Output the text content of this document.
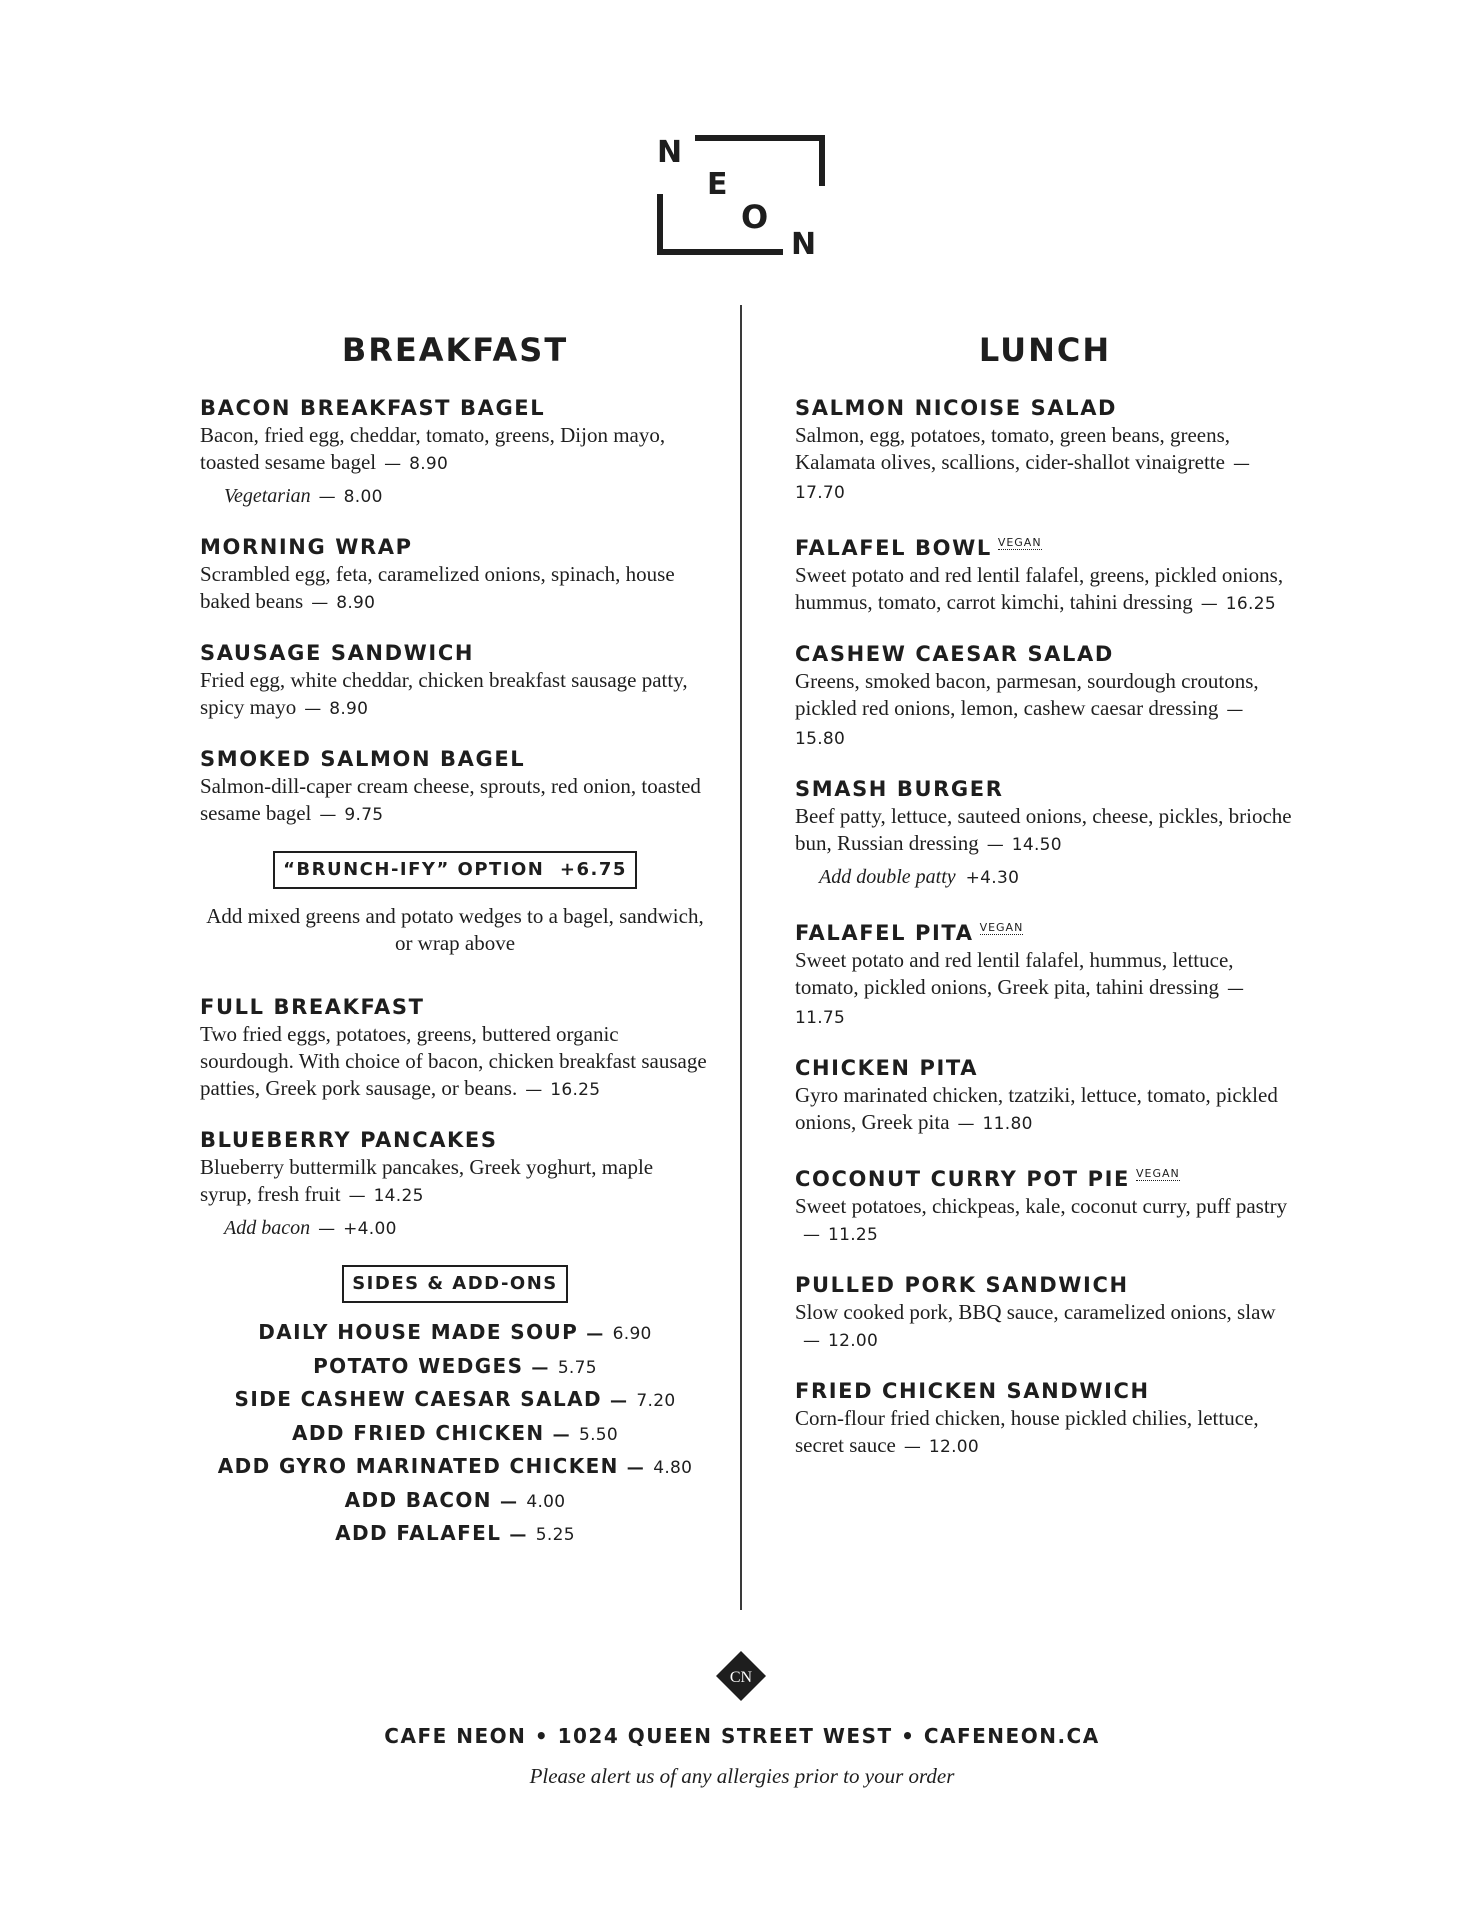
N
E
O
N
BREAKFAST

BACON BREAKFAST BAGEL

Bacon, fried egg, cheddar, tomato, greens, Dijon mayo, toasted sesame bagel — 8.90

Vegetarian — 8.00

MORNING WRAP

Scrambled egg, feta, caramelized onions, spinach, house baked beans — 8.90

SAUSAGE SANDWICH

Fried egg, white cheddar, chicken breakfast sausage patty, spicy mayo — 8.90

SMOKED SALMON BAGEL

Salmon-dill-caper cream cheese, sprouts, red onion, toasted sesame bagel — 9.75

“BRUNCH-IFY” OPTION +6.75
Add mixed greens and potato wedges to a bagel, sandwich, or wrap above

FULL BREAKFAST

Two fried eggs, potatoes, greens, buttered organic sourdough. With choice of bacon, chicken breakfast sausage patties, Greek pork sausage, or beans. — 16.25

BLUEBERRY PANCAKES

Blueberry buttermilk pancakes, Greek yoghurt, maple syrup, fresh fruit — 14.25

Add bacon — +4.00

SIDES & ADD-ONS
DAILY HOUSE MADE SOUP — 6.90
POTATO WEDGES — 5.75
SIDE CASHEW CAESAR SALAD — 7.20
ADD FRIED CHICKEN — 5.50
ADD GYRO MARINATED CHICKEN — 4.80
ADD BACON — 4.00
ADD FALAFEL — 5.25
LUNCH

SALMON NICOISE SALAD

Salmon, egg, potatoes, tomato, green beans, greens, Kalamata olives, scallions, cider-shallot vinaigrette —17.70

FALAFEL BOWL $^{VEGAN}$

Sweet potato and red lentil falafel, greens, pickled onions, hummus, tomato, carrot kimchi, tahini dressing — 16.25

CASHEW CAESAR SALAD

Greens, smoked bacon, parmesan, sourdough croutons, pickled red onions, lemon, cashew caesar dressing —15.80

SMASH BURGER

Beef patty, lettuce, sauteed onions, cheese, pickles, brioche bun, Russian dressing — 14.50

Add double patty +4.30

FALAFEL PITA $^{VEGAN}$

Sweet potato and red lentil falafel, hummus, lettuce, tomato, pickled onions, Greek pita, tahini dressing —11.75

CHICKEN PITA

Gyro marinated chicken, tzatziki, lettuce, tomato, pickled onions, Greek pita — 11.80

COCONUT CURRY POT PIE $^{VEGAN}$

Sweet potatoes, chickpeas, kale, coconut curry, puff pastry— 11.25

PULLED PORK SANDWICH

Slow cooked pork, BBQ sauce, caramelized onions, slaw— 12.00

FRIED CHICKEN SANDWICH

Corn-flour fried chicken, house pickled chilies, lettuce, secret sauce — 12.00

CN
CAFE NEON • 1024 QUEEN STREET WEST • CAFENEON.CA
Please alert us of any allergies prior to your order
